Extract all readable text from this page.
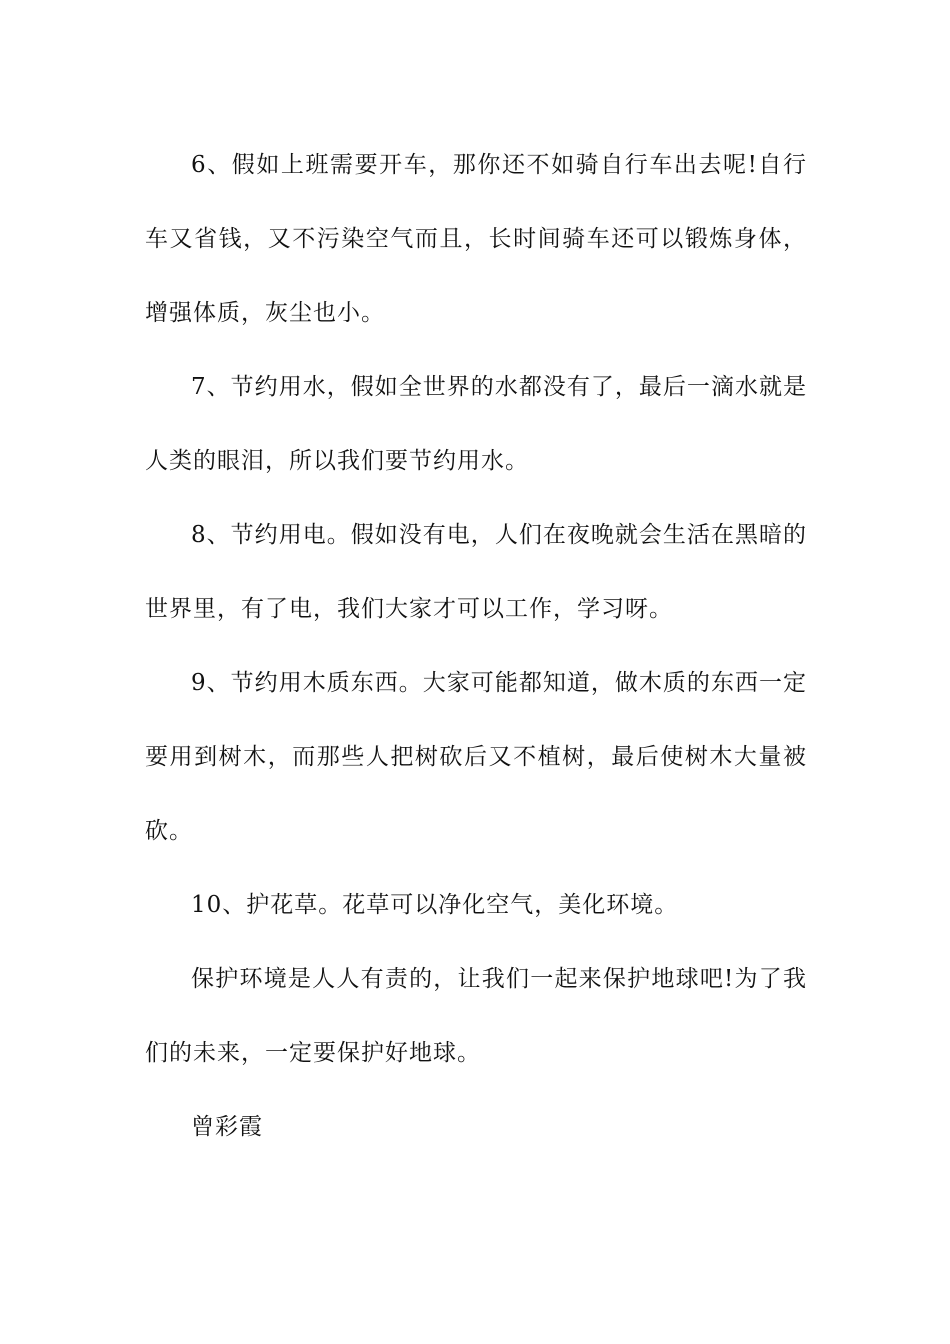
6、假如上班需要开车，那你还不如骑自行车出去呢!自行车又省钱，又不污染空气而且，长时间骑车还可以锻炼身体，增强体质，灰尘也小。

7、节约用水，假如全世界的水都没有了，最后一滴水就是人类的眼泪，所以我们要节约用水。

8、节约用电。假如没有电，人们在夜晚就会生活在黑暗的世界里，有了电，我们大家才可以工作，学习呀。

9、节约用木质东西。大家可能都知道，做木质的东西一定要用到树木，而那些人把树砍后又不植树，最后使树木大量被砍。

10、护花草。花草可以净化空气，美化环境。

保护环境是人人有责的，让我们一起来保护地球吧!为了我们的未来，一定要保护好地球。

曾彩霞
